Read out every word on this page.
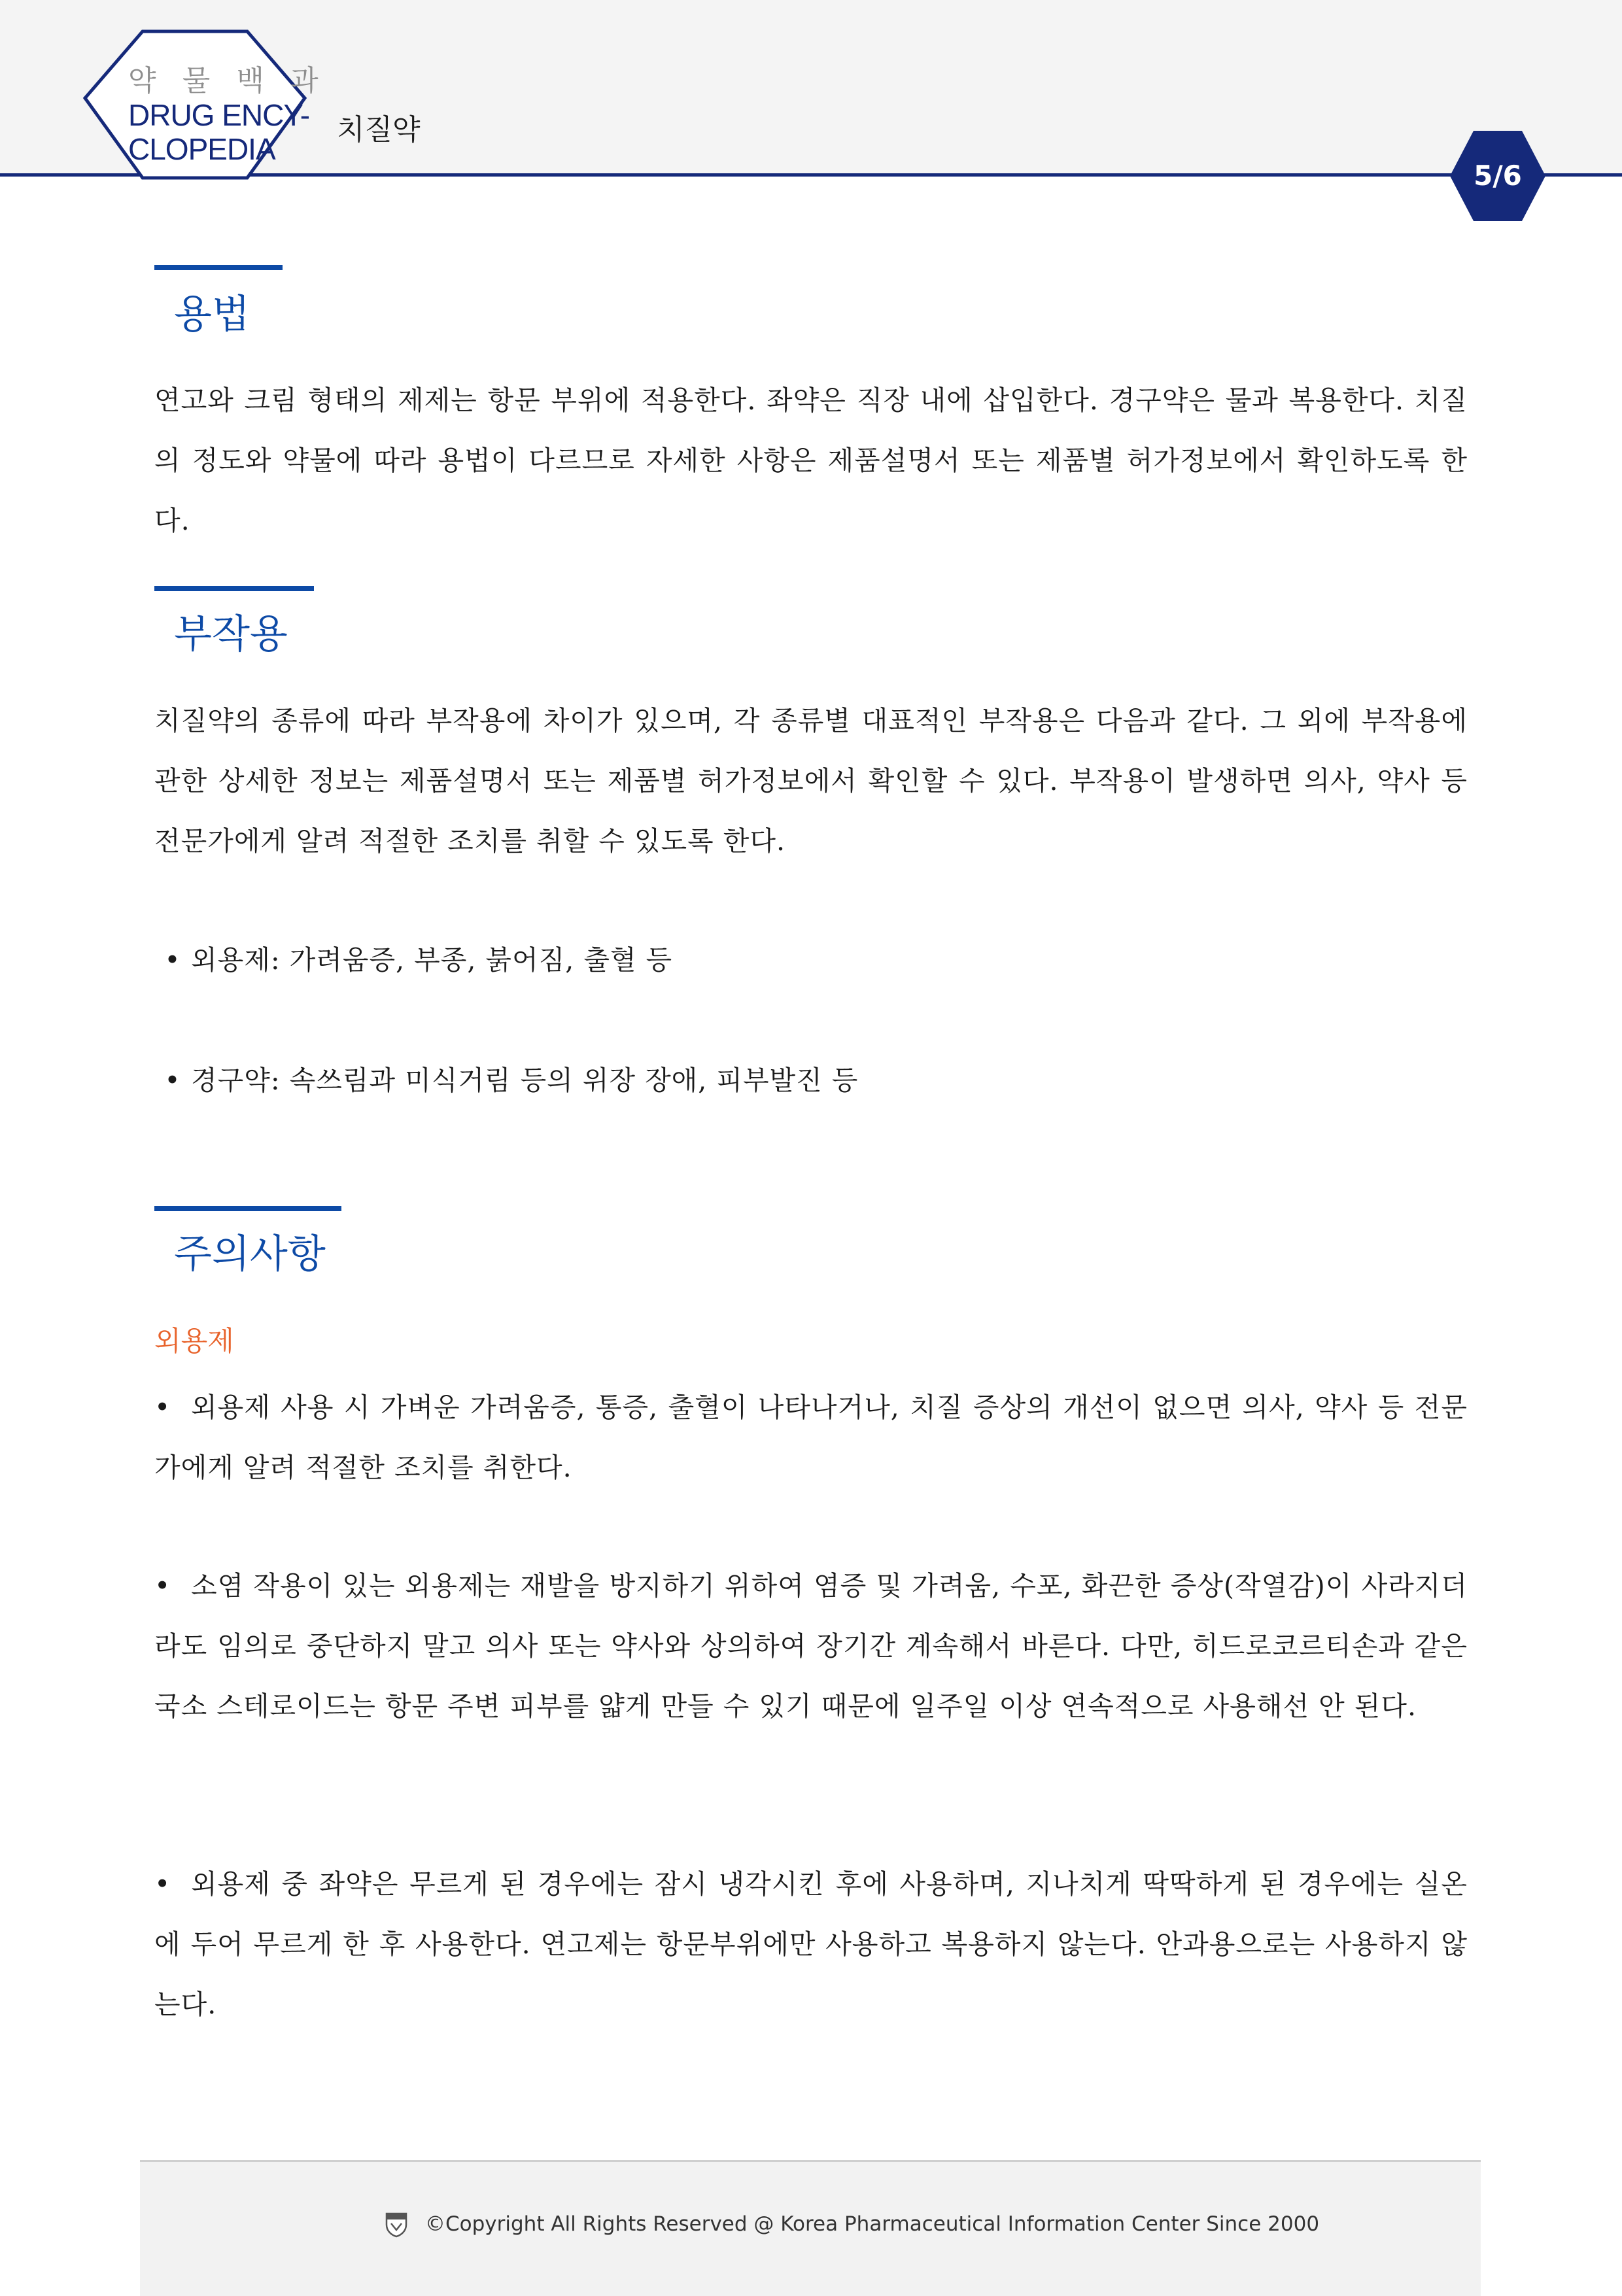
약 물 백 과
DRUG ENCY-
CLOPEDIA
치질약
5/6
용법

연고와 크림 형태의 제제는 항문 부위에 적용한다. 좌약은 직장 내에 삽입한다. 경구약은 물과 복용한다. 치질의 정도와 약물에 따라 용법이 다르므로 자세한 사항은 제품설명서 또는 제품별 허가정보에서 확인하도록 한다.

부작용

치질약의 종류에 따라 부작용에 차이가 있으며, 각 종류별 대표적인 부작용은 다음과 같다. 그 외에 부작용에 관한 상세한 정보는 제품설명서 또는 제품별 허가정보에서 확인할 수 있다. 부작용이 발생하면 의사, 약사 등 전문가에게 알려 적절한 조치를 취할 수 있도록 한다.

• 외용제: 가려움증, 부종, 붉어짐, 출혈 등
• 경구약: 속쓰림과 미식거림 등의 위장 장애, 피부발진 등
주의사항
외용제

• 외용제 사용 시 가벼운 가려움증, 통증, 출혈이 나타나거나, 치질 증상의 개선이 없으면 의사, 약사 등 전문가에게 알려 적절한 조치를 취한다.

• 소염 작용이 있는 외용제는 재발을 방지하기 위하여 염증 및 가려움, 수포, 화끈한 증상(작열감)이 사라지더라도 임의로 중단하지 말고 의사 또는 약사와 상의하여 장기간 계속해서 바른다. 다만, 히드로코르티손과 같은 국소 스테로이드는 항문 주변 피부를 얇게 만들 수 있기 때문에 일주일 이상 연속적으로 사용해선 안 된다.

• 외용제 중 좌약은 무르게 된 경우에는 잠시 냉각시킨 후에 사용하며, 지나치게 딱딱하게 된 경우에는 실온에 두어 무르게 한 후 사용한다. 연고제는 항문부위에만 사용하고 복용하지 않는다. 안과용으로는 사용하지 않는다.

©Copyright All Rights Reserved @ Korea Pharmaceutical Information Center Since 2000
